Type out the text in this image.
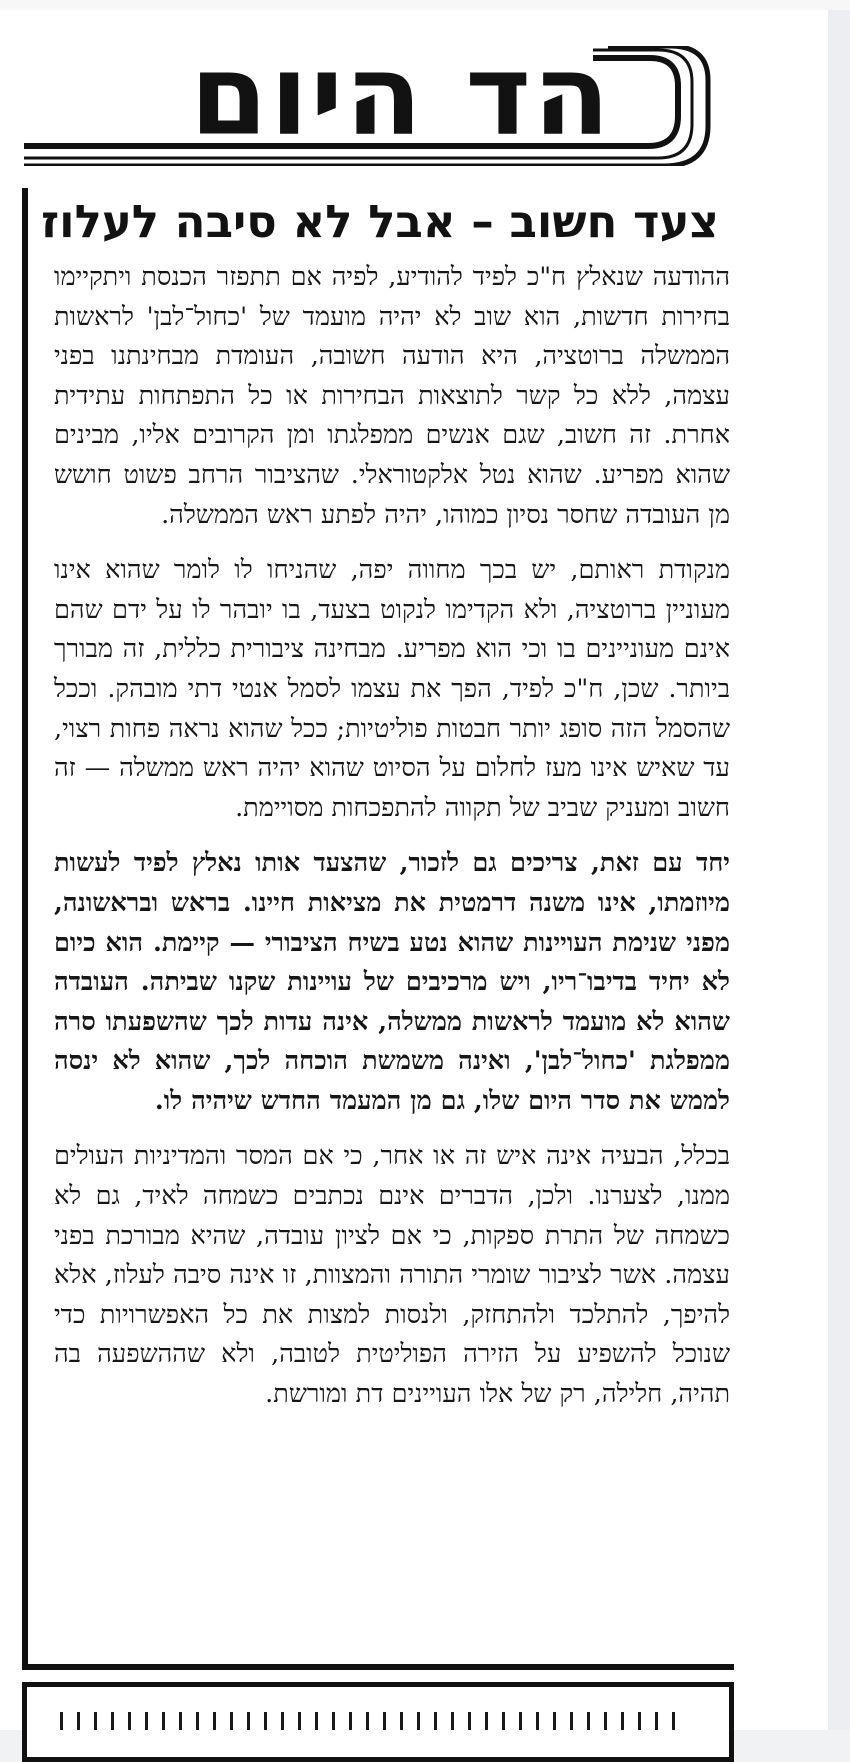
הד היום
צעד חשוב – אבל לא סיבה לעלוז

ההודעה שנאלץ ח"כ לפיד להודיע, לפיה אם תתפזר הכנסת ויתקיימו בחירות חדשות, הוא שוב לא יהיה מועמד של 'כחול־לבן' לראשות הממשלה ברוטציה, היא הודעה חשובה, העומדת מבחינתנו בפני עצמה, ללא כל קשר לתוצאות הבחירות או כל התפתחות עתידית אחרת. זה חשוב, שגם אנשים ממפלגתו ומן הקרובים אליו, מבינים שהוא מפריע. שהוא נטל אלקטוראלי. שהציבור הרחב פשוט חושש מן העובדה שחסר נסיון כמוהו, יהיה לפתע ראש הממשלה.

מנקודת ראותם, יש בכך מחווה יפה, שהניחו לו לומר שהוא אינו מעוניין ברוטציה, ולא הקדימו לנקוט בצעד, בו יובהר לו על ידם שהם אינם מעוניינים בו וכי הוא מפריע. מבחינה ציבורית כללית, זה מבורך ביותר. שכן, ח"כ לפיד, הפך את עצמו לסמל אנטי דתי מובהק. וככל שהסמל הזה סופג יותר חבטות פוליטיות; ככל שהוא נראה פחות רצוי, עד שאיש אינו מעז לחלום על הסיוט שהוא יהיה ראש ממשלה — זה חשוב ומעניק שביב של תקווה להתפכחות מסויימת.

יחד עם זאת, צריכים גם לזכור, שהצעד אותו נאלץ לפיד לעשות מיוזמתו, אינו משנה דרמטית את מציאות חיינו. בראש ובראשונה, מפני שנימת העויינות שהוא נטע בשיח הציבורי — קיימת. הוא כיום לא יחיד בדיבו־ריו, ויש מרכיבים של עויינות שקנו שביתה. העובדה שהוא לא מועמד לראשות ממשלה, אינה עדות לכך שהשפעתו סרה ממפלגת 'כחול־לבן', ואינה משמשת הוכחה לכך, שהוא לא ינסה לממש את סדר היום שלו, גם מן המעמד החדש שיהיה לו.

בכלל, הבעיה אינה איש זה או אחר, כי אם המסר והמדיניות העולים ממנו, לצערנו. ולכן, הדברים אינם נכתבים כשמחה לאיד, גם לא כשמחה של התרת ספקות, כי אם לציון עובדה, שהיא מבורכת בפני עצמה. אשר לציבור שומרי התורה והמצוות, זו אינה סיבה לעלוז, אלא להיפך, להתלכד ולהתחזק, ולנסות למצות את כל האפשרויות כדי שנוכל להשפיע על הזירה הפוליטית לטובה, ולא שההשפעה בה תהיה, חלילה, רק של אלו העויינים דת ומורשת.
